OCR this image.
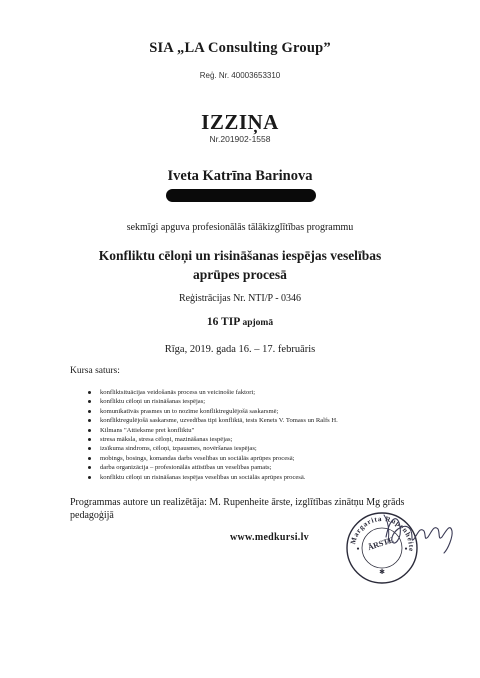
SIA „LA Consulting Group”
Reģ. Nr. 40003653310
IZZIŅA
Nr.201902-1558
Iveta Katrīna Barinova
sekmīgi apguva profesionālās tālākizglītības programmu
Konfliktu cēloņi un risināšanas iespējas veselības
aprūpes procesā
Reģistrācijas Nr. NTI/P - 0346
16 TIP apjomā
Rīga, 2019. gada 16. – 17. februāris
Kursa saturs:
konfliktsituācijas veidošanās process un veicinošie faktori;
konfliktu cēloņi un risināšanas iespējas;
komunikatīvās prasmes un to nozīme konfliktregulējošā saskarsmē;
konfliktregulējošā saskarsme, uzvedības tipi konfliktā, tests Kenets V. Tomass un Ralfs H.
Kilmans "Attieksme pret konfliktu"
stresa māksla, stresa cēloņi, mazināšanas iespējas;
izsīkuma sindroms, cēloņi, izpausmes, novēršanas iespējas;
mobings, bosings, komandas darbs veselības un sociālās aprūpes procesā;
darba organizācija – profesionālās attīstības un veselības pamats;
konfliktu cēloņi un risināšanas iespējas veselības un sociālās aprūpes procesā.
Programmas autore un realizētāja: M. Rupenheite ārste, izglītības zinātņu Mg grāds
pedagoģijā
www.medkursi.lv	Margarita Rupenheite
ĀRSTE
✱
●	●
